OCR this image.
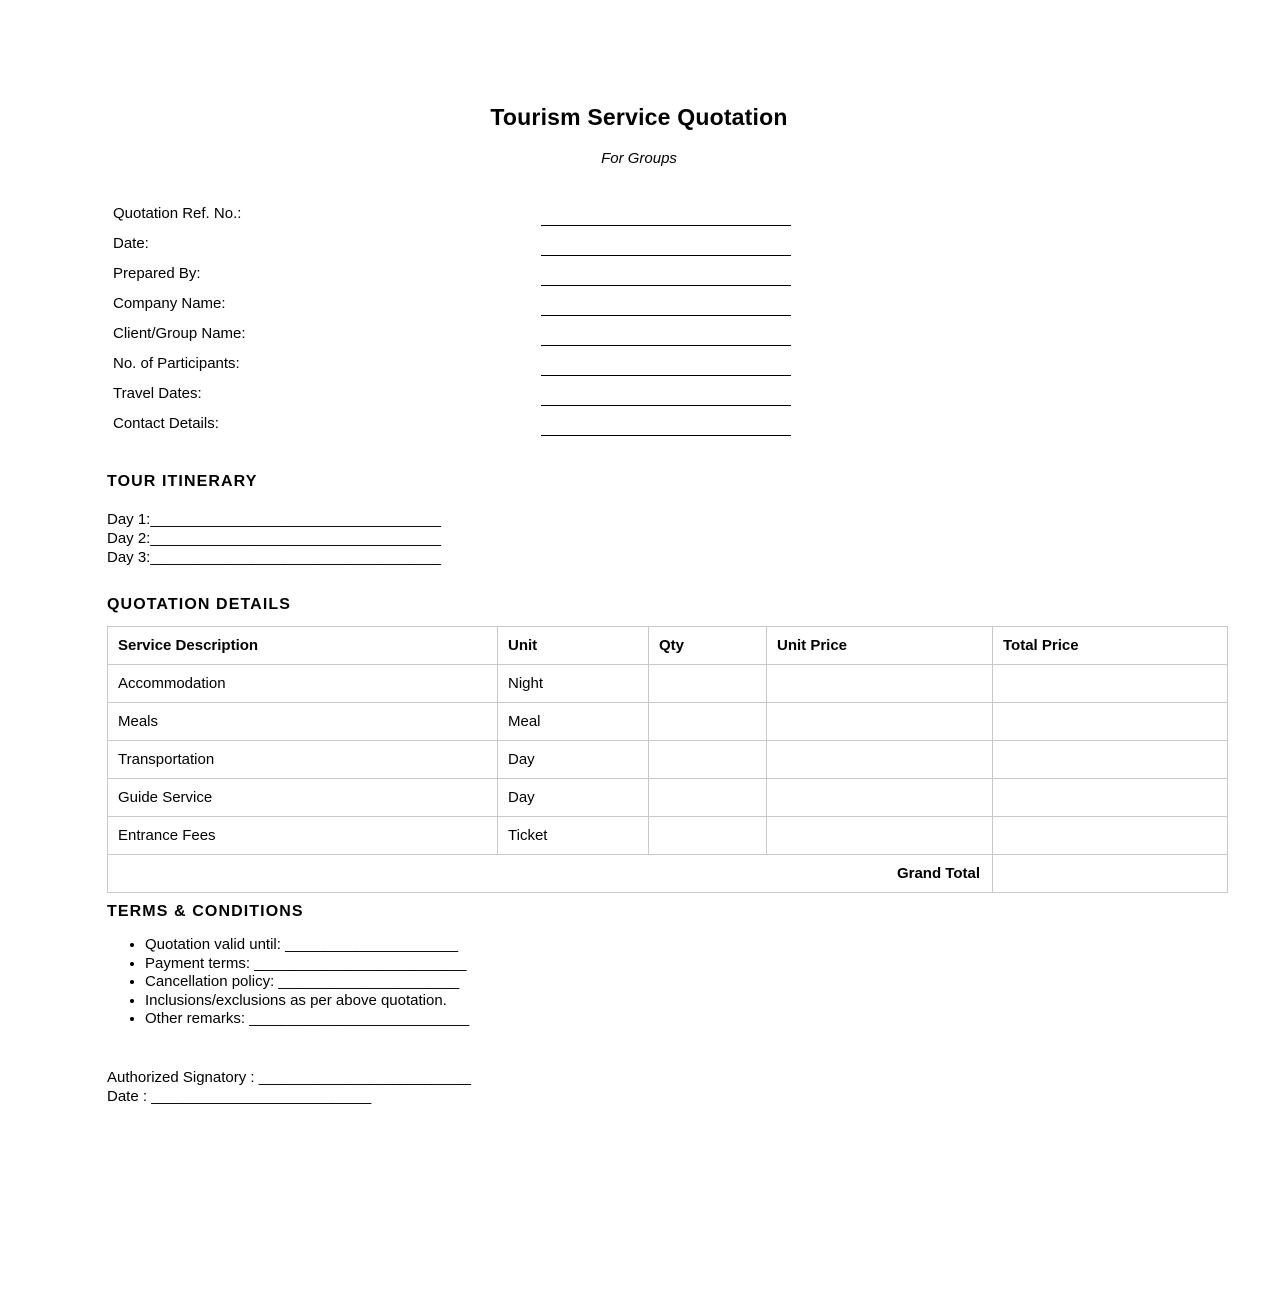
Tourism Service Quotation
For Groups
Quotation Ref. No.:
Date:
Prepared By:
Company Name:
Client/Group Name:
No. of Participants:
Travel Dates:
Contact Details:
TOUR ITINERARY
Day 1:_____________________________________
Day 2:_____________________________________
Day 3:_____________________________________
QUOTATION DETAILS
Service Description	Unit	Qty	Unit Price	Total Price
Accommodation	Night			
Meals	Meal			
Transportation	Day			
Guide Service	Day			
Entrance Fees	Ticket			
Grand Total				
TERMS & CONDITIONS
• Quotation valid until: ______________________
• Payment terms: ___________________________
• Cancellation policy: _______________________
• Inclusions/exclusions as per above quotation.
• Other remarks: ____________________________
Authorized Signatory : ___________________________
Date : ____________________________
